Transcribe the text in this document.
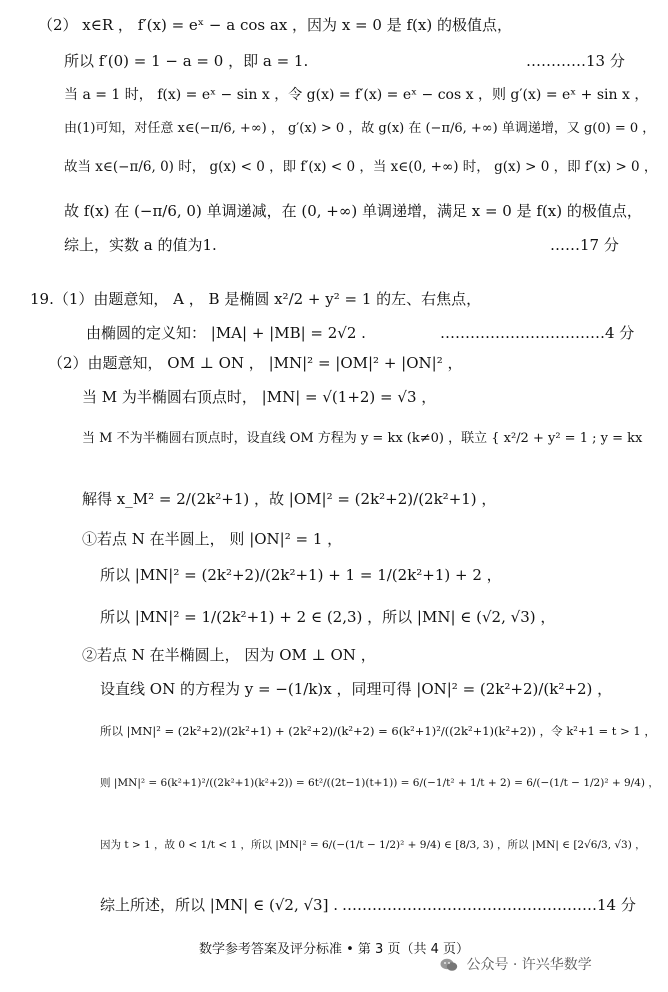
（2） x∈R ， f′(x) = eˣ − a cos ax ，因为 x = 0 是 f(x) 的极值点，
所以 f′(0) = 1 − a = 0 ，即 a = 1.	…………13 分
当 a = 1 时， f(x) = eˣ − sin x ，令 g(x) = f′(x) = eˣ − cos x ，则 g′(x) = eˣ + sin x ，
由(1)可知，对任意 x∈(−π/6, +∞) ， g′(x) > 0 ，故 g(x) 在 (−π/6, +∞) 单调递增，又 g(0) = 0 ，
故当 x∈(−π/6, 0) 时， g(x) < 0 ，即 f′(x) < 0 ，当 x∈(0, +∞) 时， g(x) > 0 ，即 f′(x) > 0 ，
故 f(x) 在 (−π/6, 0) 单调递减，在 (0, +∞) 单调递增，满足 x = 0 是 f(x) 的极值点，
综上，实数 a 的值为1.	……17 分
19.（1）由题意知， A ， B 是椭圆 x²/2 + y² = 1 的左、右焦点，
由椭圆的定义知： |MA| + |MB| = 2√2 .	……………………………4 分
（2）由题意知， OM ⊥ ON ， |MN|² = |OM|² + |ON|² ，
当 M 为半椭圆右顶点时， |MN| = √(1+2) = √3 ，
当 M 不为半椭圆右顶点时，设直线 OM 方程为 y = kx (k≠0) ，联立 { x²/2 + y² = 1 ; y = kx
解得 x_M² = 2/(2k²+1) ，故 |OM|² = (2k²+2)/(2k²+1) ，
①若点 N 在半圆上， 则 |ON|² = 1 ，
所以 |MN|² = (2k²+2)/(2k²+1) + 1 = 1/(2k²+1) + 2 ，
所以 |MN|² = 1/(2k²+1) + 2 ∈ (2,3) ，所以 |MN| ∈ (√2, √3) ，
②若点 N 在半椭圆上， 因为 OM ⊥ ON ，
设直线 ON 的方程为 y = −(1/k)x ，同理可得 |ON|² = (2k²+2)/(k²+2) ，
所以 |MN|² = (2k²+2)/(2k²+1) + (2k²+2)/(k²+2) = 6(k²+1)²/((2k²+1)(k²+2)) ，令 k²+1 = t > 1 ，
则 |MN|² = 6(k²+1)²/((2k²+1)(k²+2)) = 6t²/((2t−1)(t+1)) = 6/(−1/t² + 1/t + 2) = 6/(−(1/t − 1/2)² + 9/4) ，
因为 t > 1 ，故 0 < 1/t < 1 ，所以 |MN|² = 6/(−(1/t − 1/2)² + 9/4) ∈ [8/3, 3) ，所以 |MN| ∈ [2√6/3, √3) ，
综上所述，所以 |MN| ∈ (√2, √3] . ……………………………………………14 分
数学参考答案及评分标准 • 第 3 页（共 4 页）
公众号 · 许兴华数学
